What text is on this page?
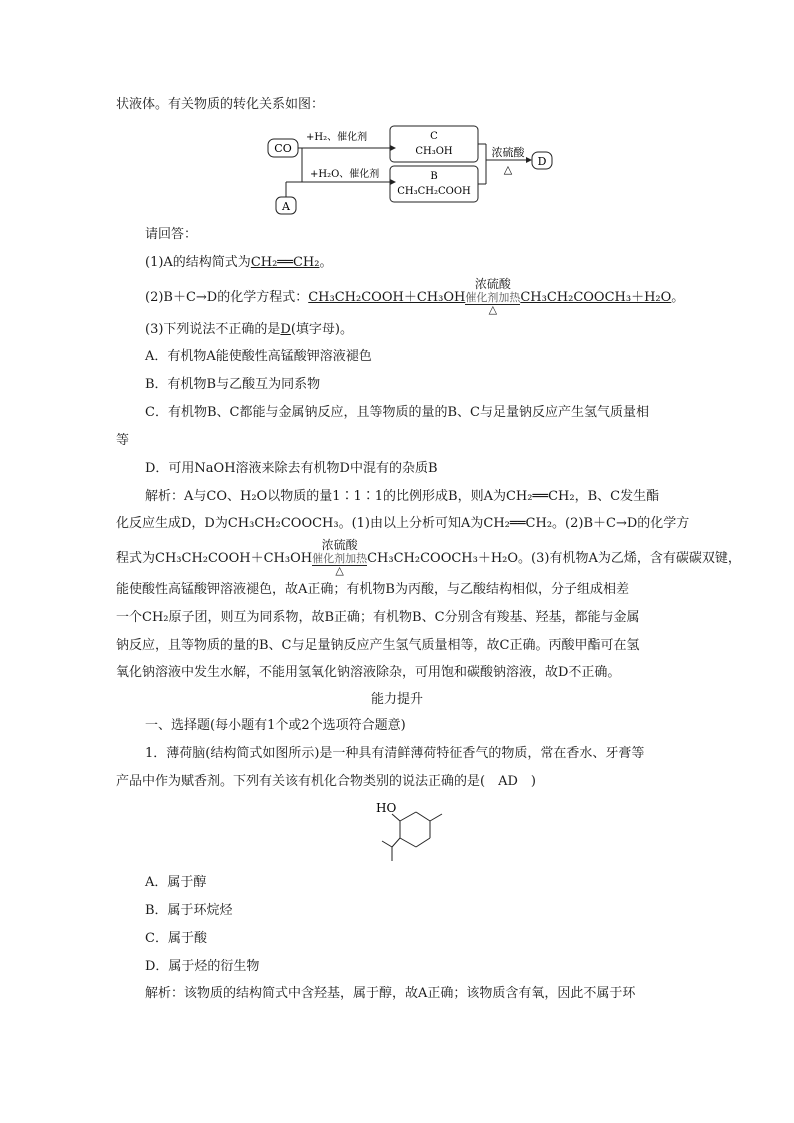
状液体。有关物质的转化关系如图：
CO
A
+H₂、催化剂
+H₂O、催化剂
C
CH₃OH
B
CH₃CH₂COOH
浓硫酸
△
D
请回答：
(1)A的结构简式为CH₂══CH₂。
(2)B＋C→D的化学方程式：CH₃CH₂COOH＋CH₃OH
浓硫酸
催化剂加热
△
CH₃CH₂COOCH₃＋H₂O。
(3)下列说法不正确的是D(填字母)。
A．有机物A能使酸性高锰酸钾溶液褪色
B．有机物B与乙酸互为同系物
C．有机物B、C都能与金属钠反应，且等物质的量的B、C与足量钠反应产生氢气质量相
等
D．可用NaOH溶液来除去有机物D中混有的杂质B
解析：A与CO、H₂O以物质的量1∶1∶1的比例形成B，则A为CH₂══CH₂，B、C发生酯
化反应生成D，D为CH₃CH₂COOCH₃。(1)由以上分析可知A为CH₂══CH₂。(2)B＋C→D的化学方
程式为CH₃CH₂COOH＋CH₃OH
浓硫酸
催化剂加热
△
CH₃CH₂COOCH₃＋H₂O。(3)有机物A为乙烯，含有碳碳双键，
能使酸性高锰酸钾溶液褪色，故A正确；有机物B为丙酸，与乙酸结构相似，分子组成相差
一个CH₂原子团，则互为同系物，故B正确；有机物B、C分别含有羧基、羟基，都能与金属
钠反应，且等物质的量的B、C与足量钠反应产生氢气质量相等，故C正确。丙酸甲酯可在氢
氧化钠溶液中发生水解，不能用氢氧化钠溶液除杂，可用饱和碳酸钠溶液，故D不正确。
能力提升
一、选择题(每小题有1个或2个选项符合题意)
1．薄荷脑(结构简式如图所示)是一种具有清鲜薄荷特征香气的物质，常在香水、牙膏等
产品中作为赋香剂。下列有关该有机化合物类别的说法正确的是(　AD　)
HO
A．属于醇
B．属于环烷烃
C．属于酸
D．属于烃的衍生物
解析：该物质的结构简式中含羟基，属于醇，故A正确；该物质含有氧，因此不属于环
